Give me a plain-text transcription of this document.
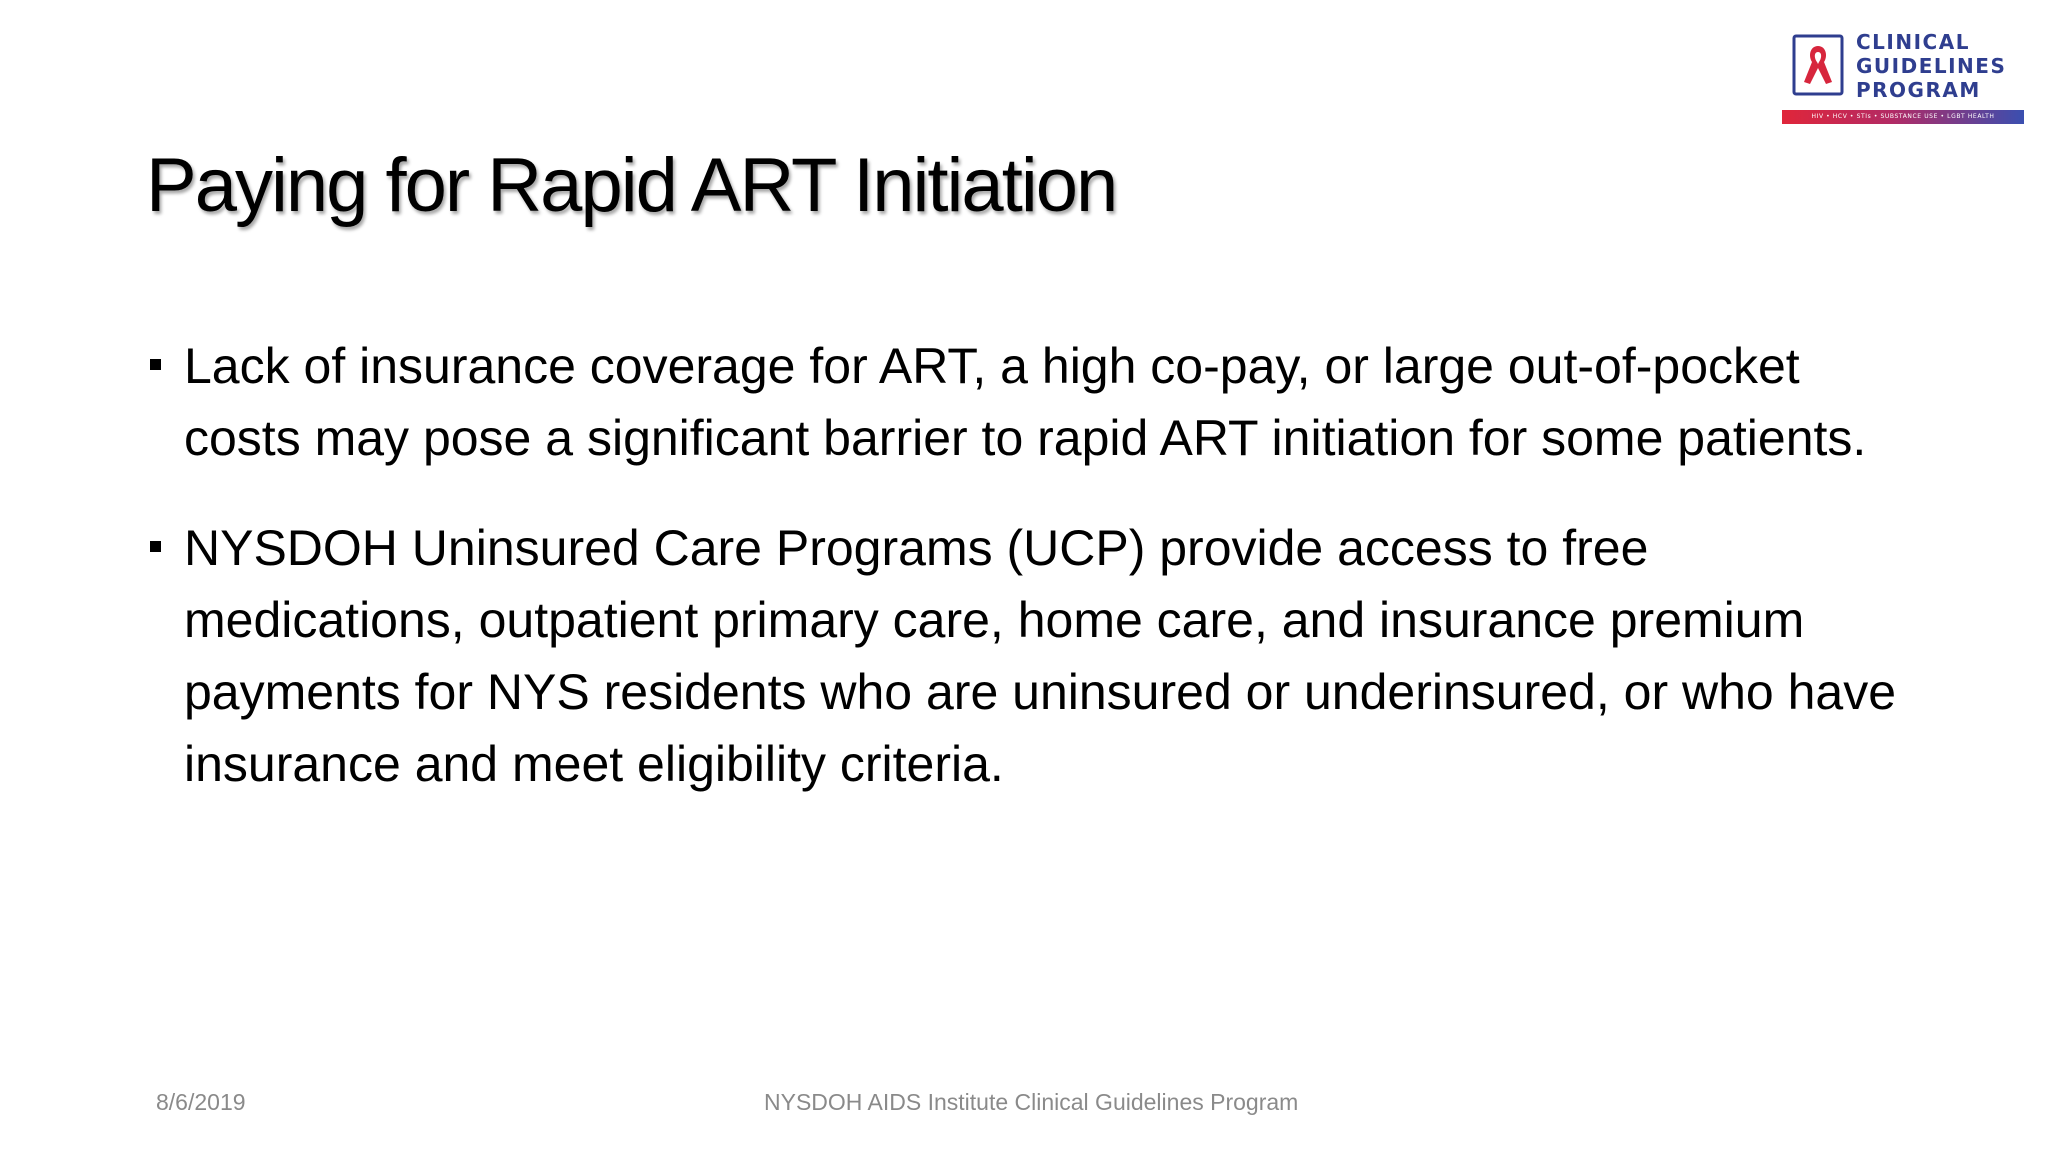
CLINICAL
GUIDELINES
PROGRAM
HIV • HCV • STIs • SUBSTANCE USE • LGBT HEALTH
Paying for Rapid ART Initiation
Lack of insurance coverage for ART, a high co-pay, or large out-of-pocket costs may pose a significant barrier to rapid ART initiation for some patients.
NYSDOH Uninsured Care Programs (UCP) provide access to free medications, outpatient primary care, home care, and insurance premium payments for NYS residents who are uninsured or underinsured, or who have insurance and meet eligibility criteria.
8/6/2019	NYSDOH AIDS Institute Clinical Guidelines Program
